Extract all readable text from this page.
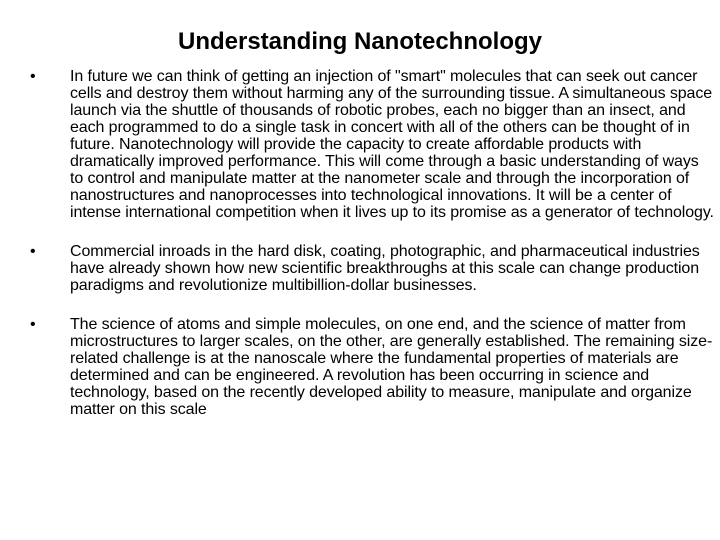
Understanding Nanotechnology
• In future we can think of getting an injection of "smart" molecules that can seek out cancer cells and destroy them without harming any of the surrounding tissue. A simultaneous space launch via the shuttle of thousands of robotic probes, each no bigger than an insect, and each programmed to do a single task in concert with all of the others can be thought of in future. Nanotechnology will provide the capacity to create affordable products with dramatically improved performance. This will come through a basic understanding of ways to control and manipulate matter at the nanometer scale and through the incorporation of nanostructures and nanoprocesses into technological innovations. It will be a center of intense international competition when it lives up to its promise as a generator of technology.
• Commercial inroads in the hard disk, coating, photographic, and pharmaceutical industries have already shown how new scientific breakthroughs at this scale can change production paradigms and revolutionize multibillion-dollar businesses.
• The science of atoms and simple molecules, on one end, and the science of matter from microstructures to larger scales, on the other, are generally established. The remaining size-related challenge is at the nanoscale where the fundamental properties of materials are determined and can be engineered. A revolution has been occurring in science and technology, based on the recently developed ability to measure, manipulate and organize matter on this scale
